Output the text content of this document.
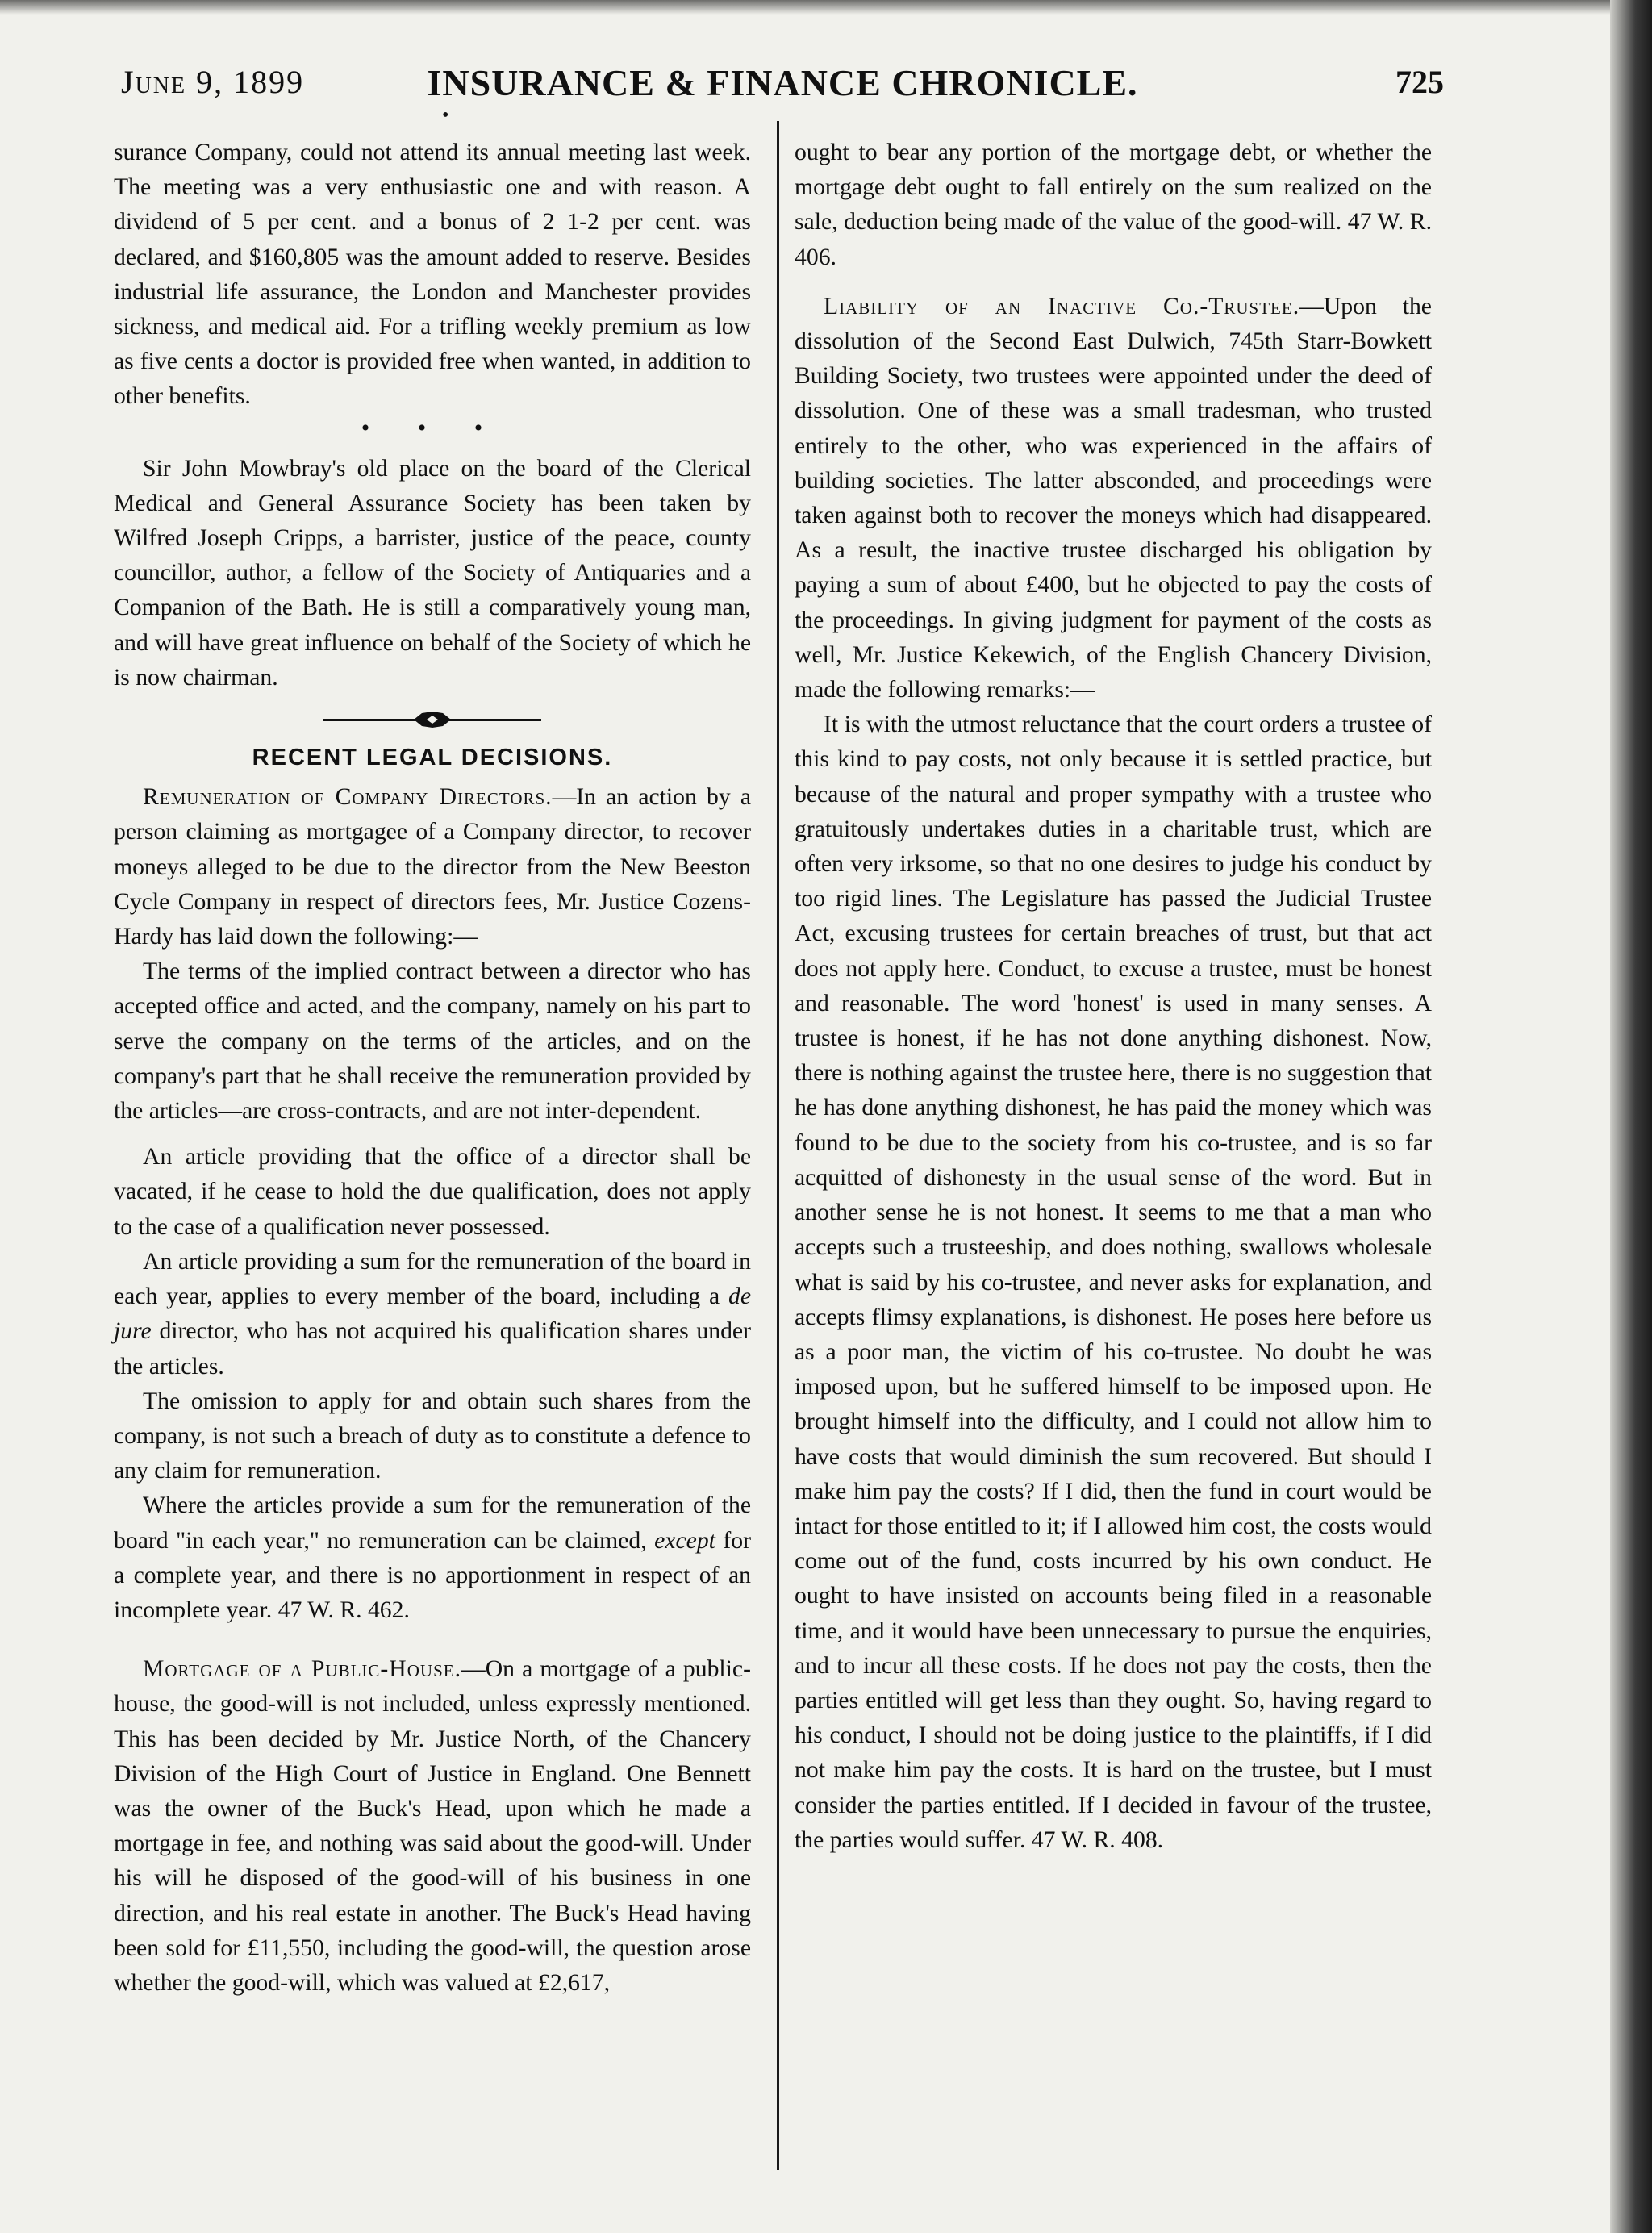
June 9, 1899	INSURANCE & FINANCE CHRONICLE.	725
•

surance Company, could not attend its annual meeting last week. The meeting was a very enthusiastic one and with reason. A dividend of 5 per cent. and a bonus of 2 1-2 per cent. was declared, and $160,805 was the amount added to reserve. Besides industrial life assurance, the London and Manchester provides sickness, and medical aid. For a trifling weekly premium as low as five cents a doctor is provided free when wanted, in addition to other benefits.

• • •

Sir John Mowbray's old place on the board of the Clerical Medical and General Assurance Society has been taken by Wilfred Joseph Cripps, a barrister, justice of the peace, county councillor, author, a fellow of the Society of Antiquaries and a Companion of the Bath. He is still a comparatively young man, and will have great influence on behalf of the Society of which he is now chairman.

RECENT LEGAL DECISIONS.

Remuneration of Company Directors.—In an action by a person claiming as mortgagee of a Company director, to recover moneys alleged to be due to the director from the New Beeston Cycle Company in respect of directors fees, Mr. Justice Cozens-Hardy has laid down the following:—

The terms of the implied contract between a director who has accepted office and acted, and the company, namely on his part to serve the company on the terms of the articles, and on the company's part that he shall receive the remuneration provided by the articles—are cross-contracts, and are not inter-dependent.

An article providing that the office of a director shall be vacated, if he cease to hold the due qualification, does not apply to the case of a qualification never possessed.

An article providing a sum for the remuneration of the board in each year, applies to every member of the board, including a de jure director, who has not acquired his qualification shares under the articles.

The omission to apply for and obtain such shares from the company, is not such a breach of duty as to constitute a defence to any claim for remuneration.

Where the articles provide a sum for the remuneration of the board "in each year," no remuneration can be claimed, except for a complete year, and there is no apportionment in respect of an incomplete year. 47 W. R. 462.

Mortgage of a Public-House.—On a mortgage of a public-house, the good-will is not included, unless expressly mentioned. This has been decided by Mr. Justice North, of the Chancery Division of the High Court of Justice in England. One Bennett was the owner of the Buck's Head, upon which he made a mortgage in fee, and nothing was said about the good-will. Under his will he disposed of the good-will of his business in one direction, and his real estate in another. The Buck's Head having been sold for £11,550, including the good-will, the question arose whether the good-will, which was valued at £2,617,

ought to bear any portion of the mortgage debt, or whether the mortgage debt ought to fall entirely on the sum realized on the sale, deduction being made of the value of the good-will. 47 W. R. 406.

Liability of an Inactive Co.-Trustee.—Upon the dissolution of the Second East Dulwich, 745th Starr-Bowkett Building Society, two trustees were appointed under the deed of dissolution. One of these was a small tradesman, who trusted entirely to the other, who was experienced in the affairs of building societies. The latter absconded, and proceedings were taken against both to recover the moneys which had disappeared. As a result, the inactive trustee discharged his obligation by paying a sum of about £400, but he objected to pay the costs of the proceedings. In giving judgment for payment of the costs as well, Mr. Justice Kekewich, of the English Chancery Division, made the following remarks:—

It is with the utmost reluctance that the court orders a trustee of this kind to pay costs, not only because it is settled practice, but because of the natural and proper sympathy with a trustee who gratuitously undertakes duties in a charitable trust, which are often very irksome, so that no one desires to judge his conduct by too rigid lines. The Legislature has passed the Judicial Trustee Act, excusing trustees for certain breaches of trust, but that act does not apply here. Conduct, to excuse a trustee, must be honest and reasonable. The word 'honest' is used in many senses. A trustee is honest, if he has not done anything dishonest. Now, there is nothing against the trustee here, there is no suggestion that he has done anything dishonest, he has paid the money which was found to be due to the society from his co-trustee, and is so far acquitted of dishonesty in the usual sense of the word. But in another sense he is not honest. It seems to me that a man who accepts such a trusteeship, and does nothing, swallows wholesale what is said by his co-trustee, and never asks for explanation, and accepts flimsy explanations, is dishonest. He poses here before us as a poor man, the victim of his co-trustee. No doubt he was imposed upon, but he suffered himself to be imposed upon. He brought himself into the difficulty, and I could not allow him to have costs that would diminish the sum recovered. But should I make him pay the costs? If I did, then the fund in court would be intact for those entitled to it; if I allowed him cost, the costs would come out of the fund, costs incurred by his own conduct. He ought to have insisted on accounts being filed in a reasonable time, and it would have been unnecessary to pursue the enquiries, and to incur all these costs. If he does not pay the costs, then the parties entitled will get less than they ought. So, having regard to his conduct, I should not be doing justice to the plaintiffs, if I did not make him pay the costs. It is hard on the trustee, but I must consider the parties entitled. If I decided in favour of the trustee, the parties would suffer. 47 W. R. 408.
